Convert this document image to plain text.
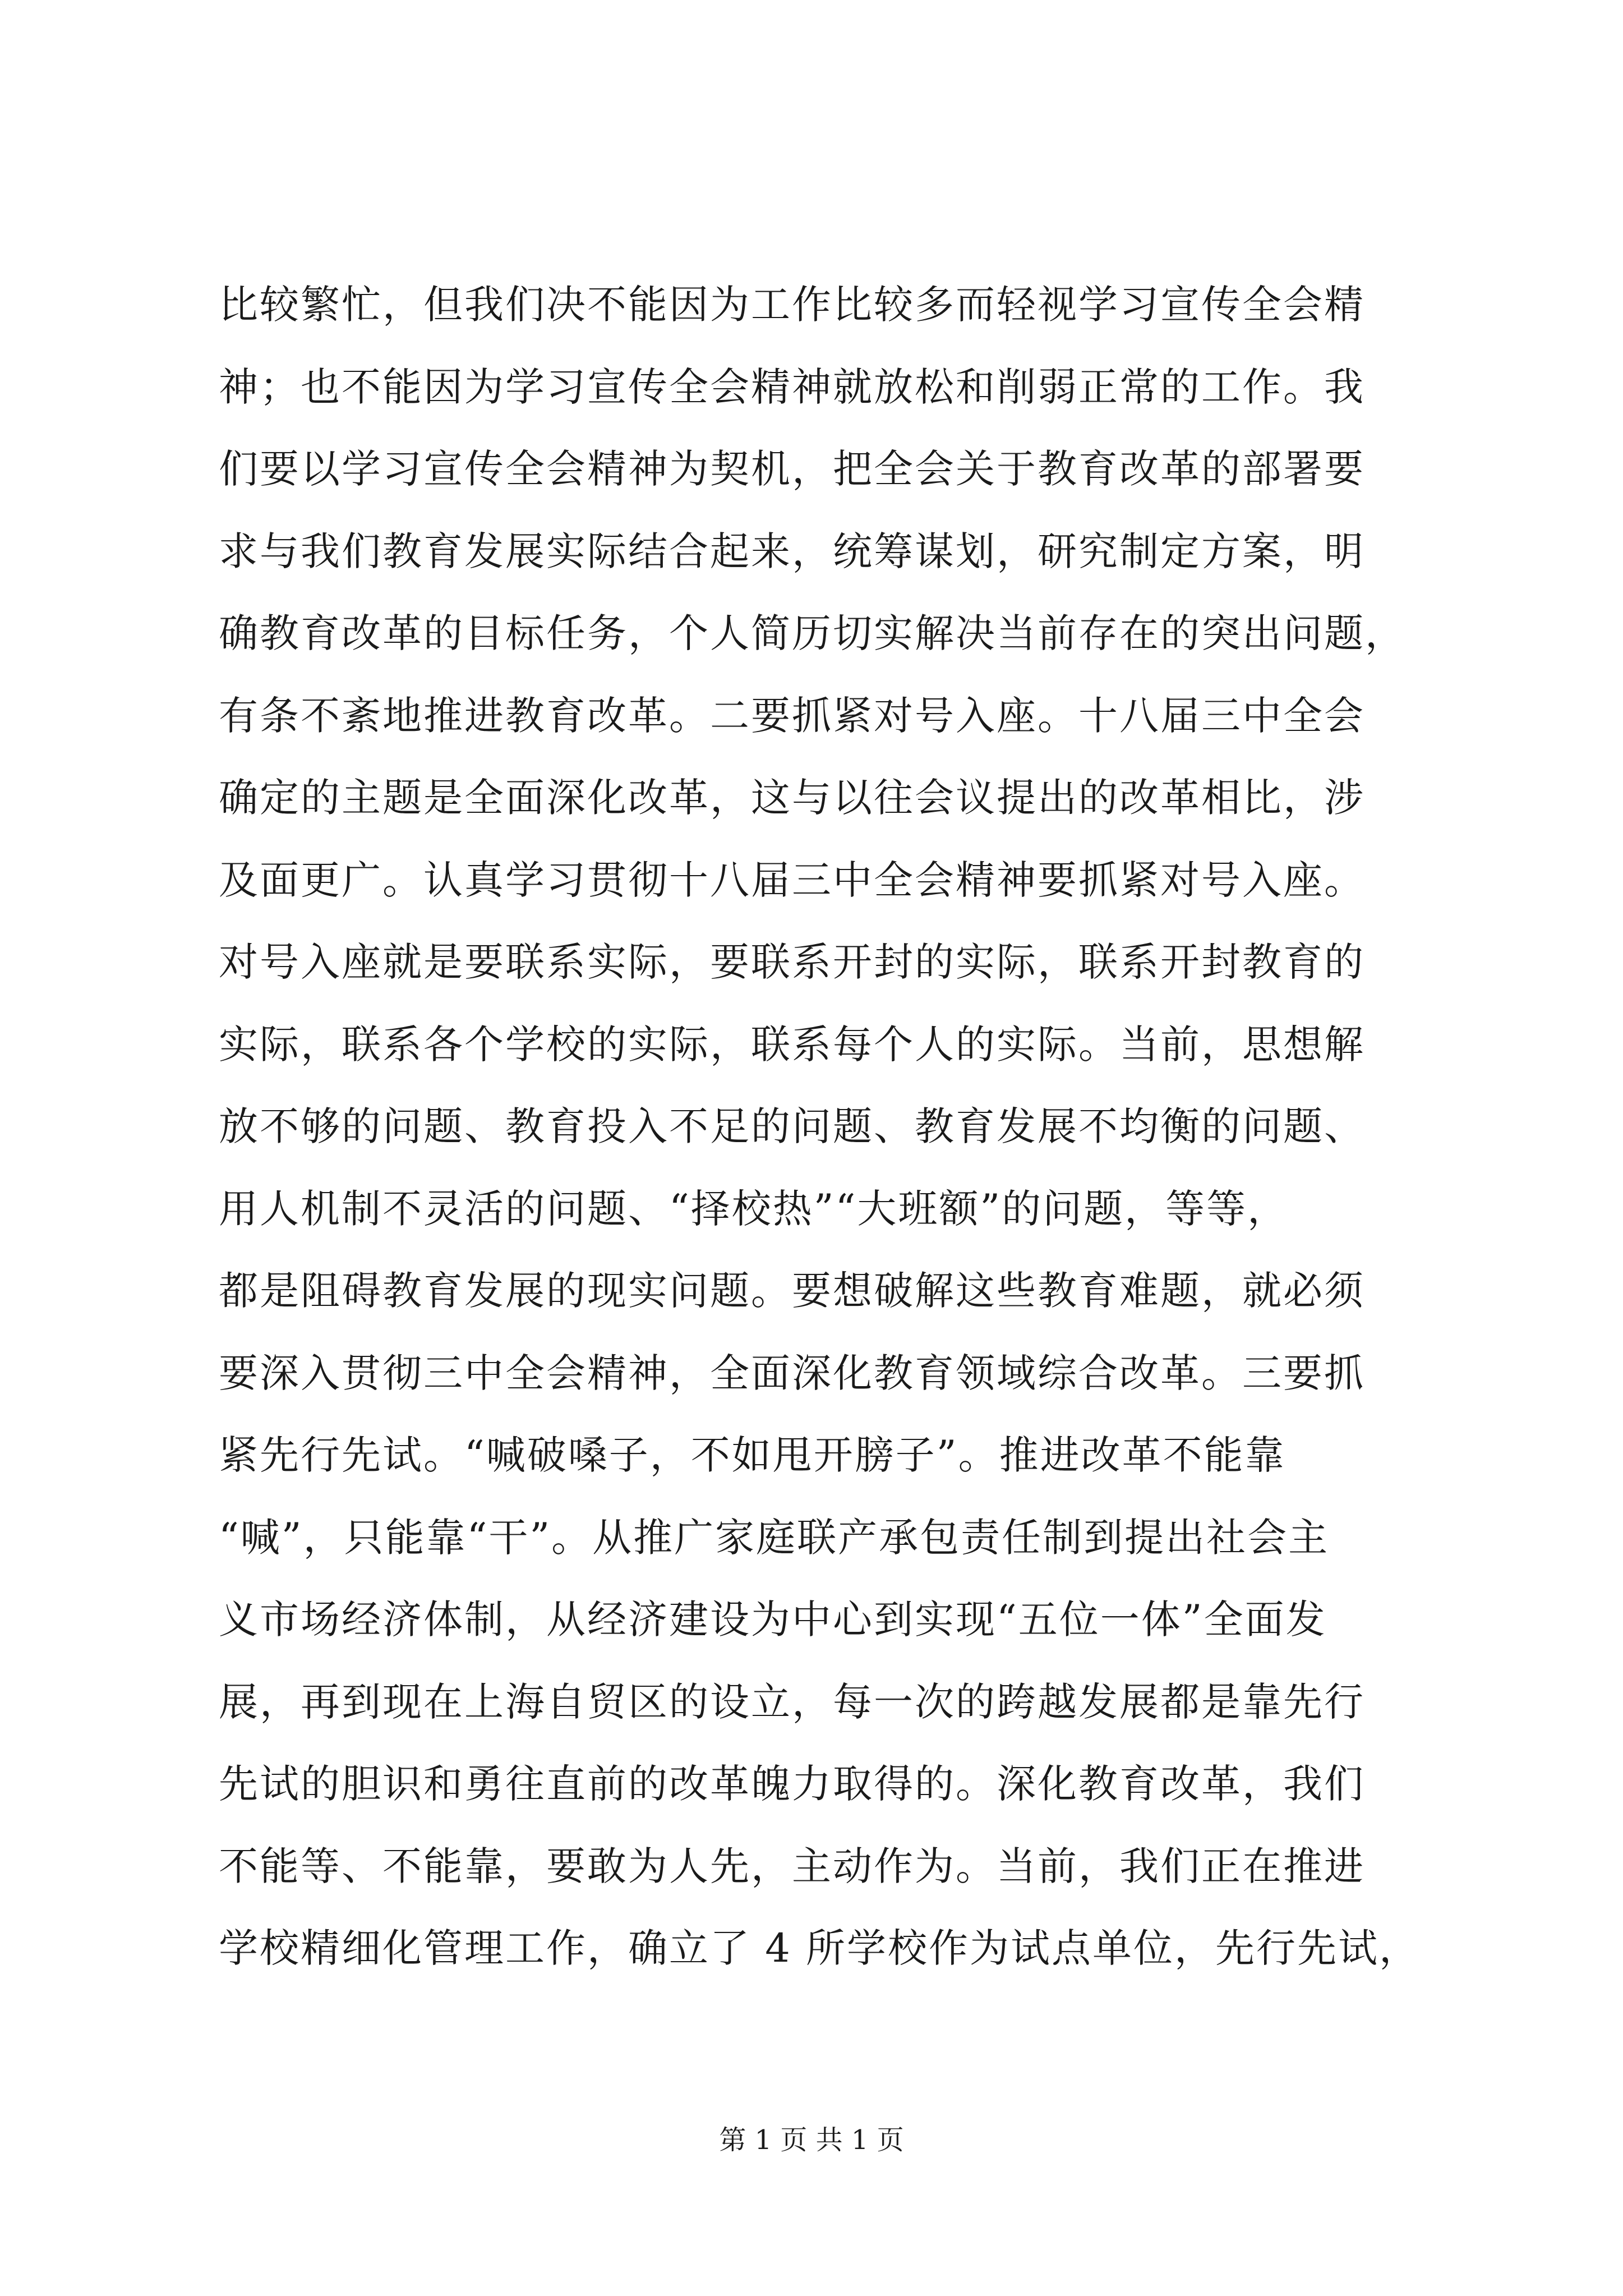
比较繁忙，但我们决不能因为工作比较多而轻视学习宣传全会精
神；也不能因为学习宣传全会精神就放松和削弱正常的工作。我
们要以学习宣传全会精神为契机，把全会关于教育改革的部署要
求与我们教育发展实际结合起来，统筹谋划，研究制定方案，明
确教育改革的目标任务，个人简历切实解决当前存在的突出问题，
有条不紊地推进教育改革。二要抓紧对号入座。十八届三中全会
确定的主题是全面深化改革，这与以往会议提出的改革相比，涉
及面更广。认真学习贯彻十八届三中全会精神要抓紧对号入座。
对号入座就是要联系实际，要联系开封的实际，联系开封教育的
实际，联系各个学校的实际，联系每个人的实际。当前，思想解
放不够的问题、教育投入不足的问题、教育发展不均衡的问题、
用人机制不灵活的问题、“择校热”“大班额”的问题，等等，
都是阻碍教育发展的现实问题。要想破解这些教育难题，就必须
要深入贯彻三中全会精神，全面深化教育领域综合改革。三要抓
紧先行先试。“喊破嗓子，不如甩开膀子”。推进改革不能靠
“喊”，只能靠“干”。从推广家庭联产承包责任制到提出社会主
义市场经济体制，从经济建设为中心到实现“五位一体”全面发
展，再到现在上海自贸区的设立，每一次的跨越发展都是靠先行
先试的胆识和勇往直前的改革魄力取得的。深化教育改革，我们
不能等、不能靠，要敢为人先，主动作为。当前，我们正在推进
学校精细化管理工作，确立了 4 所学校作为试点单位，先行先试，
第 1 页 共 1 页
